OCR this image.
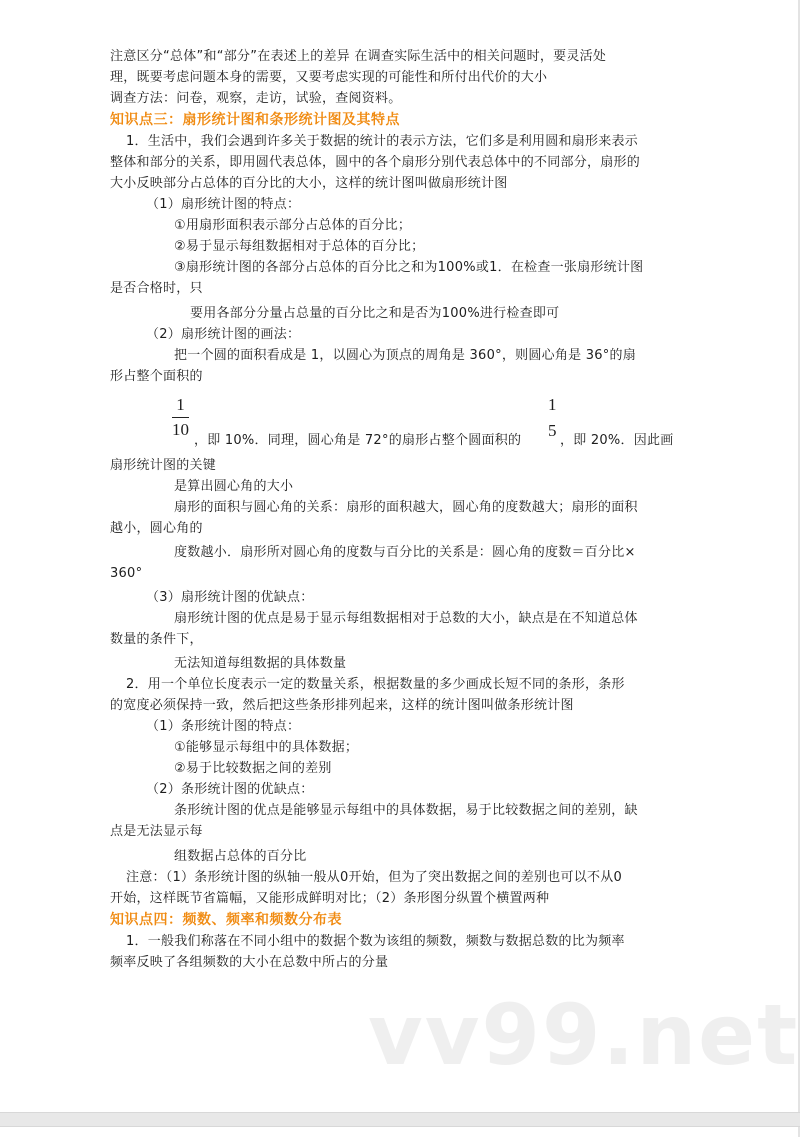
注意区分“总体”和“部分”在表述上的差异 在调查实际生活中的相关问题时，要灵活处
理，既要考虑问题本身的需要，又要考虑实现的可能性和所付出代价的大小
调查方法：问卷，观察，走访，试验，查阅资料。
知识点三：扇形统计图和条形统计图及其特点
1．生活中，我们会遇到许多关于数据的统计的表示方法，它们多是利用圆和扇形来表示
整体和部分的关系，即用圆代表总体，圆中的各个扇形分别代表总体中的不同部分，扇形的
大小反映部分占总体的百分比的大小，这样的统计图叫做扇形统计图
（1）扇形统计图的特点：
①用扇形面积表示部分占总体的百分比；
②易于显示每组数据相对于总体的百分比；
③扇形统计图的各部分占总体的百分比之和为100%或1．在检查一张扇形统计图
是否合格时，只
要用各部分分量占总量的百分比之和是否为100%进行检查即可
（2）扇形统计图的画法：
把一个圆的面积看成是 1，以圆心为顶点的周角是 360°，则圆心角是 36°的扇
形占整个面积的
1
10
，即 10%．同理，圆心角是 72°的扇形占整个圆面积的
1
5
，即 20%．因此画
扇形统计图的关键
是算出圆心角的大小
扇形的面积与圆心角的关系：扇形的面积越大，圆心角的度数越大；扇形的面积
越小，圆心角的
度数越小．扇形所对圆心角的度数与百分比的关系是：圆心角的度数＝百分比×
360°
（3）扇形统计图的优缺点：
扇形统计图的优点是易于显示每组数据相对于总数的大小，缺点是在不知道总体
数量的条件下，
无法知道每组数据的具体数量
2．用一个单位长度表示一定的数量关系，根据数量的多少画成长短不同的条形，条形
的宽度必须保持一致，然后把这些条形排列起来，这样的统计图叫做条形统计图
（1）条形统计图的特点：
①能够显示每组中的具体数据；
②易于比较数据之间的差别
（2）条形统计图的优缺点：
条形统计图的优点是能够显示每组中的具体数据，易于比较数据之间的差别，缺
点是无法显示每
组数据占总体的百分比
注意：（1）条形统计图的纵轴一般从0开始，但为了突出数据之间的差别也可以不从0
开始，这样既节省篇幅，又能形成鲜明对比；（2）条形图分纵置个横置两种
知识点四：频数、频率和频数分布表
1．一般我们称落在不同小组中的数据个数为该组的频数，频数与数据总数的比为频率
频率反映了各组频数的大小在总数中所占的分量
vv99.net
